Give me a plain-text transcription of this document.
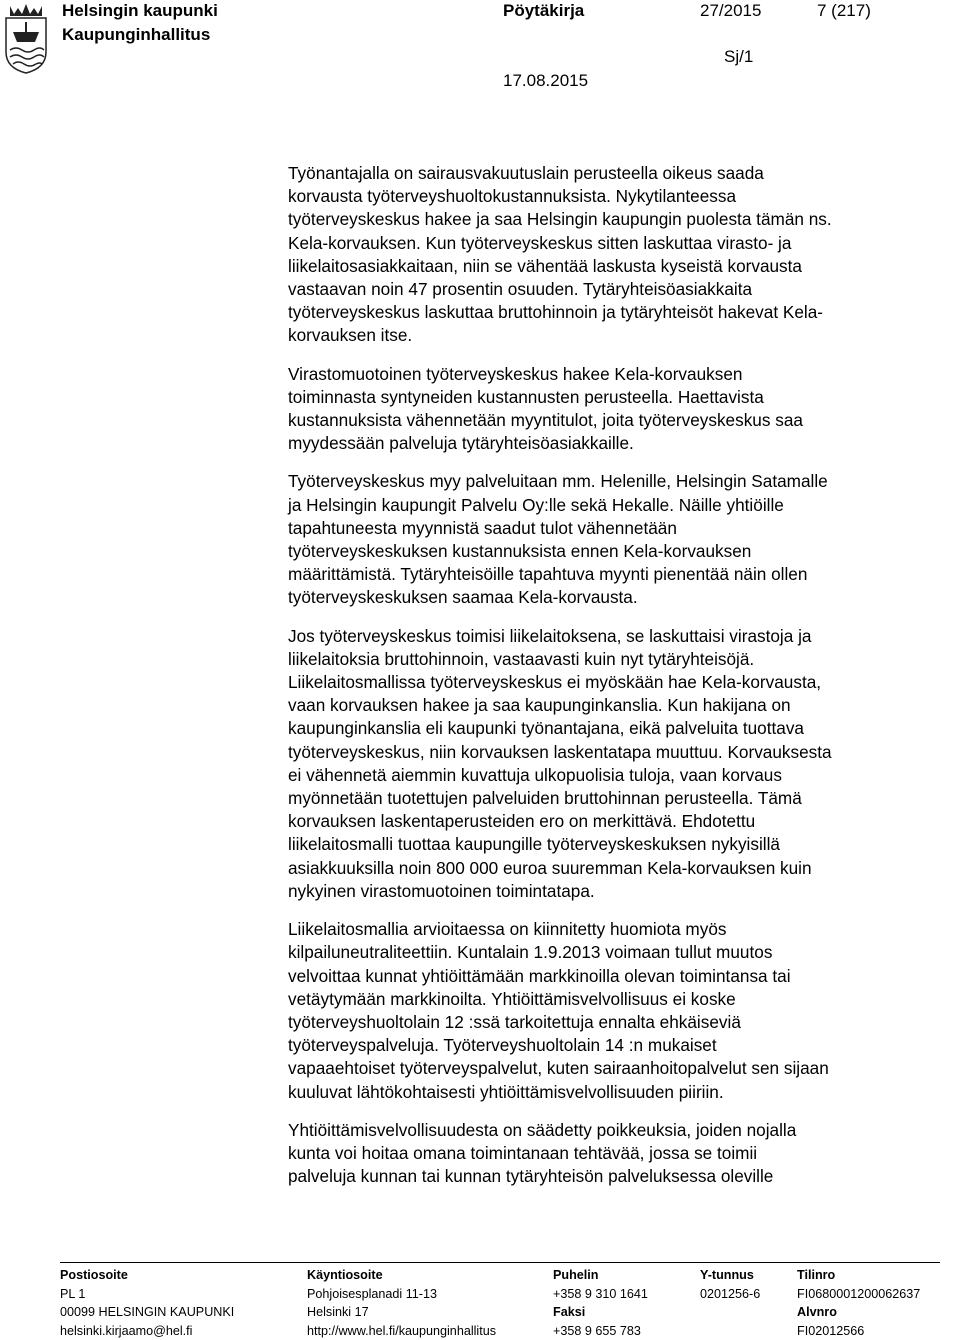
Helsingin kaupunki
Kaupunginhallitus
Pöytäkirja	27/2015	7 (217)
Sj/1
17.08.2015

Työnantajalla on sairausvakuutuslain perusteella oikeus saada
korvausta työterveyshuoltokustannuksista. Nykytilanteessa
työterveyskeskus hakee ja saa Helsingin kaupungin puolesta tämän ns.
Kela-korvauksen. Kun työterveyskeskus sitten laskuttaa virasto- ja
liikelaitosasiakkaitaan, niin se vähentää laskusta kyseistä korvausta
vastaavan noin 47 prosentin osuuden. Tytäryhteisöasiakkaita
työterveyskeskus laskuttaa bruttohinnoin ja tytäryhteisöt hakevat Kela-
korvauksen itse.

Virastomuotoinen työterveyskeskus hakee Kela-korvauksen
toiminnasta syntyneiden kustannusten perusteella. Haettavista
kustannuksista vähennetään myyntitulot, joita työterveyskeskus saa
myydessään palveluja tytäryhteisöasiakkaille.

Työterveyskeskus myy palveluitaan mm. Helenille, Helsingin Satamalle
ja Helsingin kaupungit Palvelu Oy:lle sekä Hekalle. Näille yhtiöille
tapahtuneesta myynnistä saadut tulot vähennetään
työterveyskeskuksen kustannuksista ennen Kela-korvauksen
määrittämistä. Tytäryhteisöille tapahtuva myynti pienentää näin ollen
työterveyskeskuksen saamaa Kela-korvausta.

Jos työterveyskeskus toimisi liikelaitoksena, se laskuttaisi virastoja ja
liikelaitoksia bruttohinnoin, vastaavasti kuin nyt tytäryhteisöjä.
Liikelaitosmallissa työterveyskeskus ei myöskään hae Kela-korvausta,
vaan korvauksen hakee ja saa kaupunginkanslia. Kun hakijana on
kaupunginkanslia eli kaupunki työnantajana, eikä palveluita tuottava
työterveyskeskus, niin korvauksen laskentatapa muuttuu. Korvauksesta
ei vähennetä aiemmin kuvattuja ulkopuolisia tuloja, vaan korvaus
myönnetään tuotettujen palveluiden bruttohinnan perusteella. Tämä
korvauksen laskentaperusteiden ero on merkittävä. Ehdotettu
liikelaitosmalli tuottaa kaupungille työterveyskeskuksen nykyisillä
asiakkuuksilla noin 800 000 euroa suuremman Kela-korvauksen kuin
nykyinen virastomuotoinen toimintatapa.

Liikelaitosmallia arvioitaessa on kiinnitetty huomiota myös
kilpailuneutraliteettiin. Kuntalain 1.9.2013 voimaan tullut muutos
velvoittaa kunnat yhtiöittämään markkinoilla olevan toimintansa tai
vetäytymään markkinoilta. Yhtiöittämisvelvollisuus ei koske
työterveyshuoltolain 12 :ssä tarkoitettuja ennalta ehkäiseviä
työterveyspalveluja. Työterveyshuoltolain 14 :n mukaiset
vapaaehtoiset työterveyspalvelut, kuten sairaanhoitopalvelut sen sijaan
kuuluvat lähtökohtaisesti yhtiöittämisvelvollisuuden piiriin.

Yhtiöittämisvelvollisuudesta on säädetty poikkeuksia, joiden nojalla
kunta voi hoitaa omana toimintanaan tehtävää, jossa se toimii
palveluja kunnan tai kunnan tytäryhteisön palveluksessa oleville

Postiosoite
PL 1
00099 HELSINGIN KAUPUNKI
helsinki.kirjaamo@hel.fi
Käyntiosoite
Pohjoisesplanadi 11-13
Helsinki 17
http://www.hel.fi/kaupunginhallitus
Puhelin
+358 9 310 1641
Faksi
+358 9 655 783
Y-tunnus
0201256-6
Tilinro
FI0680001200062637
Alvnro
FI02012566
